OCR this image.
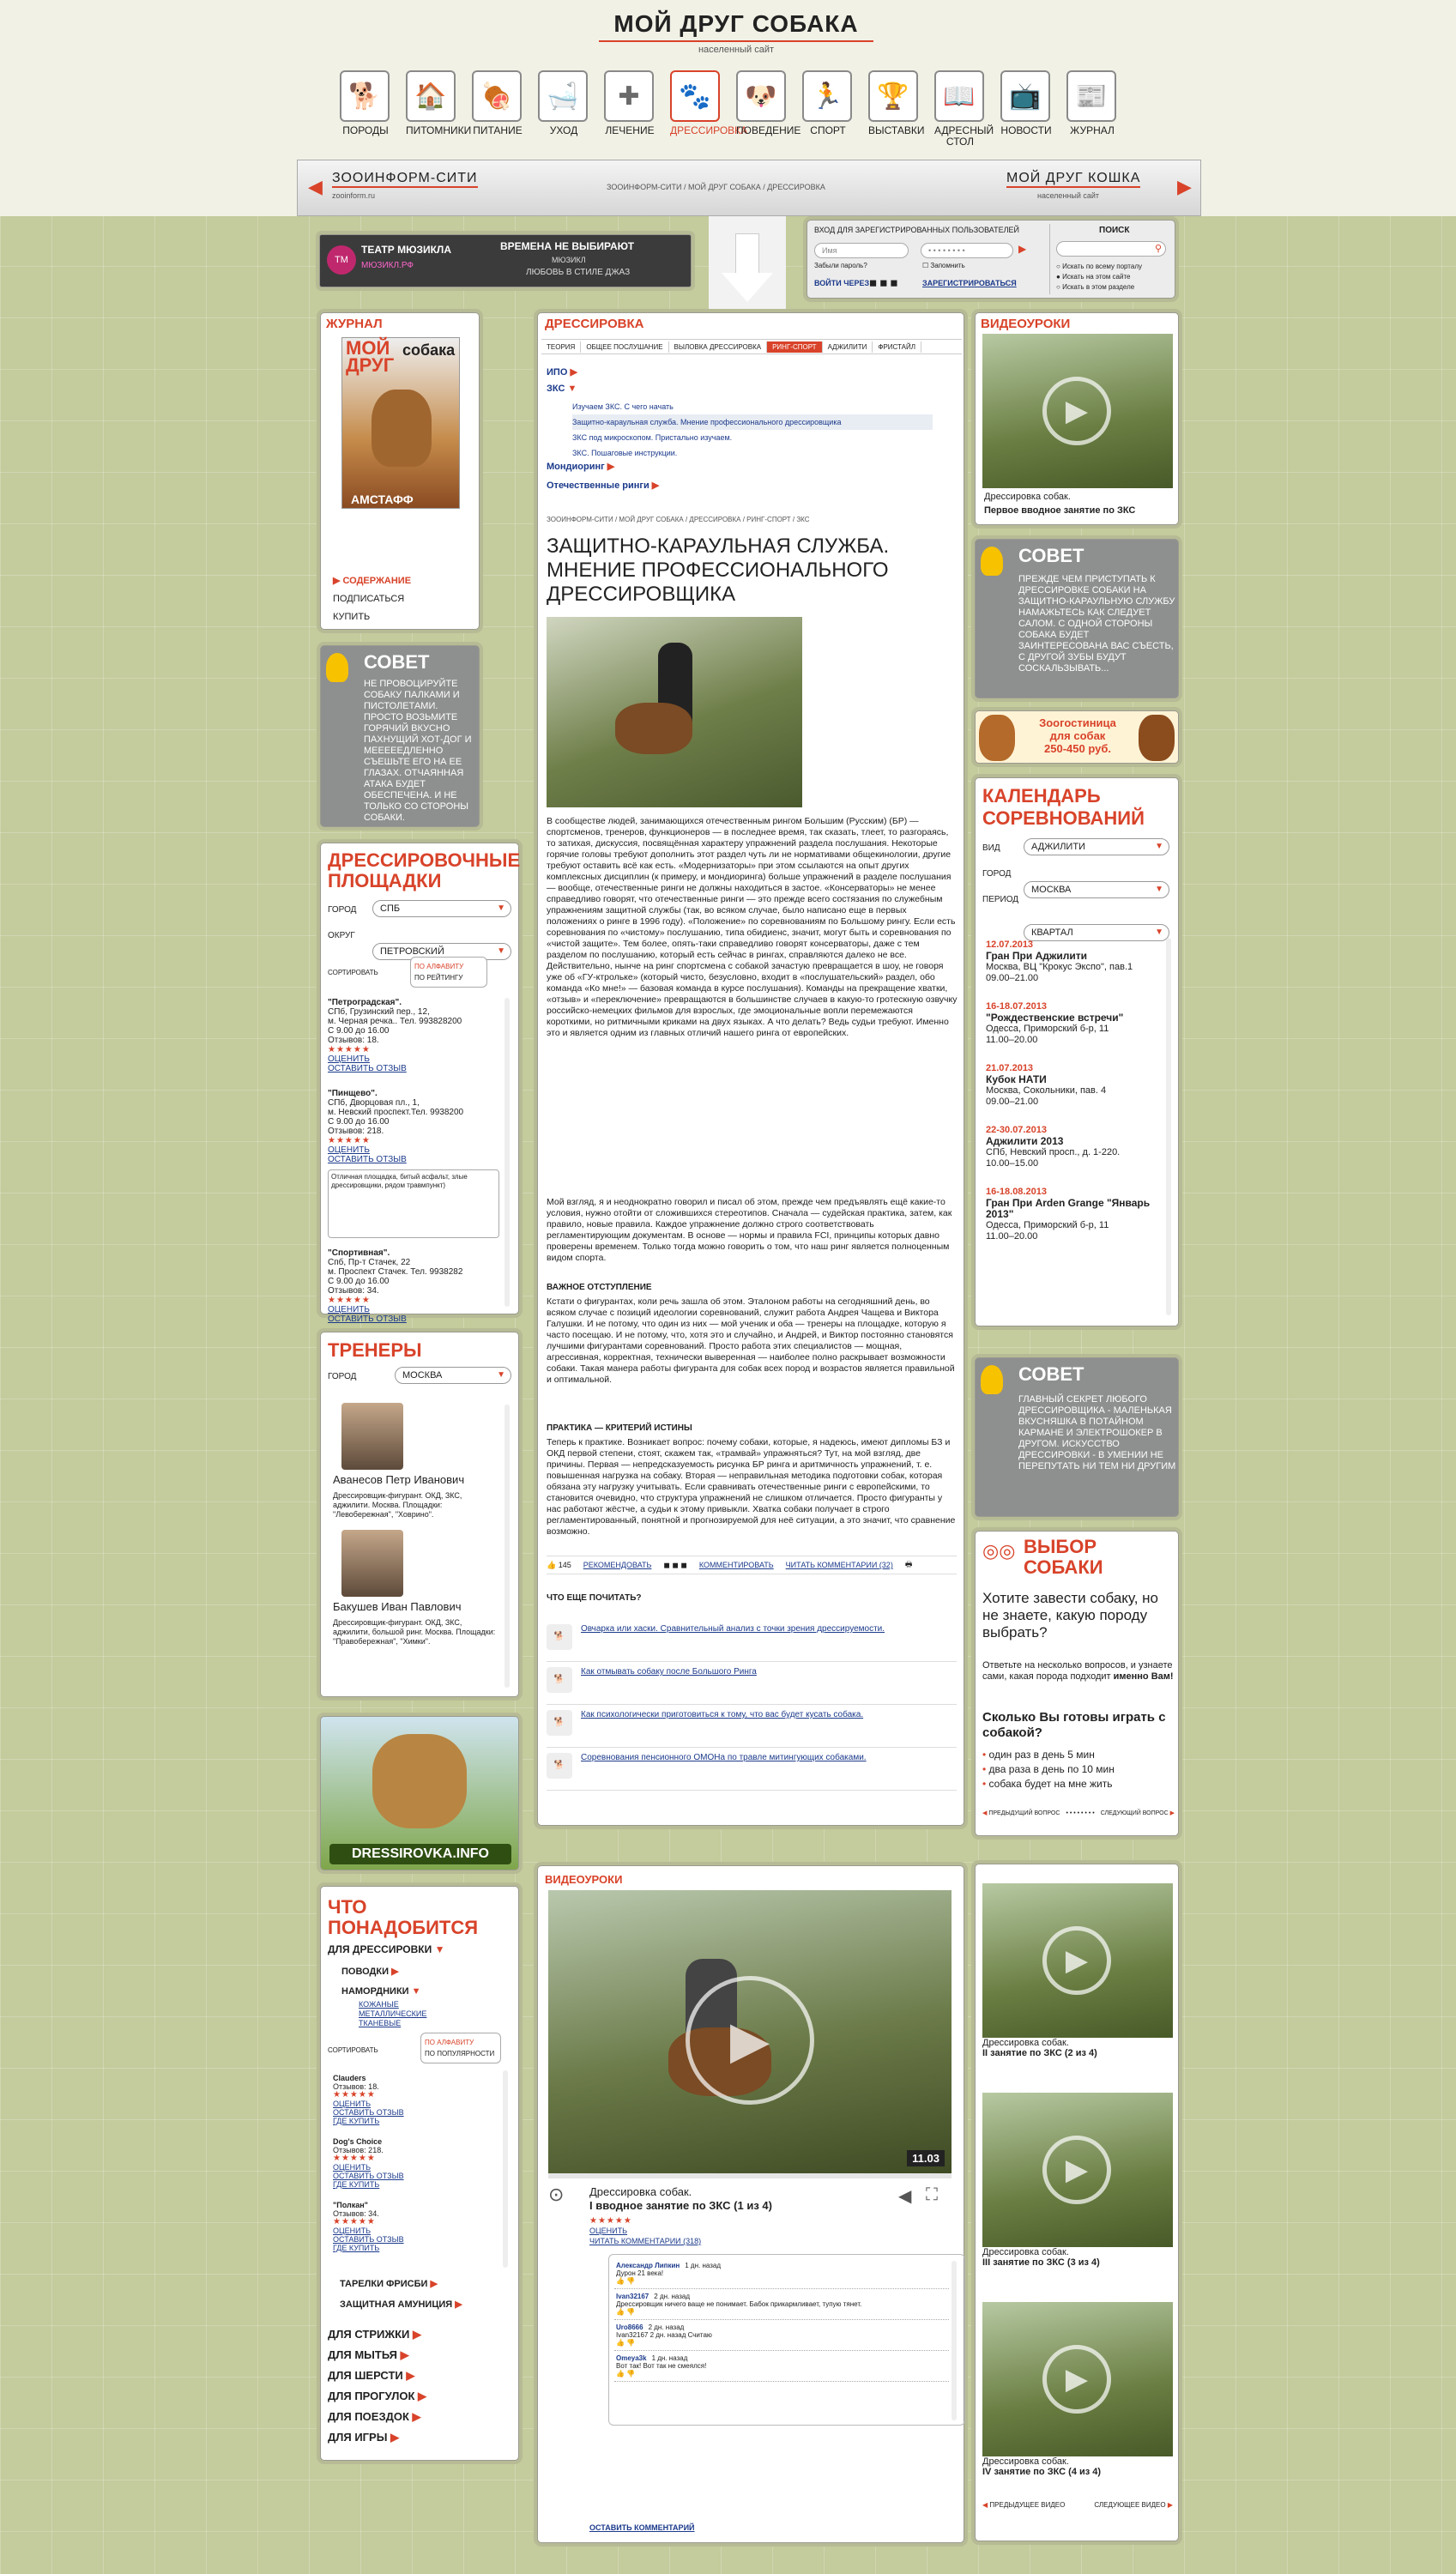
МОЙ ДРУГ СОБАКА
населенный сайт
🐕
ПОРОДЫ
🏠
ПИТОМНИКИ
🍖
ПИТАНИЕ
🛁
УХОД
✚
ЛЕЧЕНИЕ
🐾
ДРЕССИРОВКА
🐶
ПОВЕДЕНИЕ
🏃
СПОРТ
🏆
ВЫСТАВКИ
📖
АДРЕСНЫЙ СТОЛ
📺
НОВОСТИ
📰
ЖУРНАЛ
◀ ЗООИНФОРМ-СИТИ
zooinform.ru
ЗООИНФОРМ-СИТИ / МОЙ ДРУГ СОБАКА / ДРЕССИРОВКА
МОЙ ДРУГ КОШКА
населенный сайт	▶
TM
ТЕАТР МЮЗИКЛА
МЮЗИКЛ.РФ
ВРЕМЕНА НЕ ВЫБИРАЮТ
МЮЗИКЛ
ЛЮБОВЬ В СТИЛЕ ДЖАЗ
ВХОД ДЛЯ ЗАРЕГИСТРИРОВАННЫХ ПОЛЬЗОВАТЕЛЕЙ
Имя	• • • • • • • •	▶
Забыли пароль?	☐ Запомнить
ВОЙТИ ЧЕРЕЗ ◼ ◼ ◼	ЗАРЕГИСТРИРОВАТЬСЯ
ПОИСК
⚲
○ Искать по всему порталу
● Искать на этом сайте
○ Искать в этом разделе
ЖУРНАЛ
МОЙ
ДРУГ
собака
АМСТАФФ
▶ СОДЕРЖАНИЕ
ПОДПИСАТЬСЯ
КУПИТЬ
СОВЕТ
НЕ ПРОВОЦИРУЙТЕ СОБАКУ ПАЛКАМИ И ПИСТОЛЕТАМИ. ПРОСТО ВОЗЬМИТЕ ГОРЯЧИЙ ВКУСНО ПАХНУЩИЙ ХОТ-ДОГ И МЕЕЕЕЕДЛЕННО СЪЕШЬТЕ ЕГО НА ЕЕ ГЛАЗАХ. ОТЧАЯННАЯ АТАКА БУДЕТ ОБЕСПЕЧЕНА. И НЕ ТОЛЬКО СО СТОРОНЫ СОБАКИ.
ДРЕССИРОВОЧНЫЕ ПЛОЩАДКИ
ГОРОД	СПБ ▼
ОКРУГ
ПЕТРОВСКИЙ ▼
СОРТИРОВАТЬ
ПО АЛФАВИТУ
ПО РЕЙТИНГУ
"Петроградская".
СПб, Грузинский пер., 12,
м. Черная речка.. Тел. 993828200
С 9.00 до 16.00
Отзывов: 18.
★★★★★
ОЦЕНИТЬ
ОСТАВИТЬ ОТЗЫВ
"Пинщево".
СПб, Дворцовая пл., 1,
м. Невский проспект.Тел. 9938200
С 9.00 до 16.00
Отзывов: 218.
★★★★★
ОЦЕНИТЬ
ОСТАВИТЬ ОТЗЫВ
Отличная площадка, битый асфальт, злые дрессировщики, рядом травмпункт)
"Спортивная".
Спб, Пр-т Стачек, 22
м. Проспект Стачек. Тел. 9938282
С 9.00 до 16.00
Отзывов: 34.
★★★★★
ОЦЕНИТЬ
ОСТАВИТЬ ОТЗЫВ
ТРЕНЕРЫ
ГОРОД	МОСКВА ▼
Аванесов Петр Иванович
Дрессировщик-фигурант. ОКД, ЗКС, аджилити. Москва. Площадки: "Левобережная", "Ховрино".
Бакушев Иван Павлович
Дрессировщик-фигурант. ОКД, ЗКС, аджилити, большой ринг. Москва. Площадки: "Правобережная", "Химки".
DRESSIROVKA.INFO
ЧТО ПОНАДОБИТСЯ
ДЛЯ ДРЕССИРОВКИ ▼
ПОВОДКИ ▶
НАМОРДНИКИ ▼
КОЖАНЫЕ
МЕТАЛЛИЧЕСКИЕ
ТКАНЕВЫЕ
СОРТИРОВАТЬ
ПО АЛФАВИТУ
ПО ПОПУЛЯРНОСТИ
Clauders
Отзывов: 18.
★★★★★
ОЦЕНИТЬ
ОСТАВИТЬ ОТЗЫВ
ГДЕ КУПИТЬ
Dog's Choice
Отзывов: 218.
★★★★★
ОЦЕНИТЬ
ОСТАВИТЬ ОТЗЫВ
ГДЕ КУПИТЬ
"Полкан"
Отзывов: 34.
★★★★★
ОЦЕНИТЬ
ОСТАВИТЬ ОТЗЫВ
ГДЕ КУПИТЬ
ТАРЕЛКИ ФРИСБИ ▶
ЗАЩИТНАЯ АМУНИЦИЯ ▶
ДЛЯ СТРИЖКИ ▶
ДЛЯ МЫТЬЯ ▶
ДЛЯ ШЕРСТИ ▶
ДЛЯ ПРОГУЛОК ▶
ДЛЯ ПОЕЗДОК ▶
ДЛЯ ИГРЫ ▶
ДРЕССИРОВКА
ТЕОРИЯ	ОБЩЕЕ ПОСЛУШАНИЕ	ВЫЛОВКА ДРЕССИРОВКА	РИНГ-СПОРТ	АДЖИЛИТИ	ФРИСТАЙЛ
ИПО ▶
ЗКС ▼
Изучаем ЗКС. С чего начать
Защитно-караульная служба. Мнение профессионального дрессировщика
ЗКС под микроскопом. Пристально изучаем.
ЗКС. Пошаговые инструкции.
Мондиоринг ▶
Отечественные ринги ▶
ЗООИНФОРМ-СИТИ / МОЙ ДРУГ СОБАКА / ДРЕССИРОВКА / РИНГ-СПОРТ / ЗКС
ЗАЩИТНО-КАРАУЛЬНАЯ СЛУЖБА. МНЕНИЕ ПРОФЕССИОНАЛЬНОГО ДРЕССИРОВЩИКА
В сообществе людей, занимающихся отечественным рингом Большим (Русским) (БР) — спортсменов, тренеров, функционеров — в последнее время, так сказать, тлеет, то разгораясь, то затихая, дискуссия, посвящённая характеру упражнений раздела послушания. Некоторые горячие головы требуют дополнить этот раздел чуть ли не нормативами общекинологии, другие требуют оставить всё как есть. «Модернизаторы» при этом ссылаются на опыт других комплексных дисциплин (к примеру, и мондиоринга) больше упражнений в разделе послушания — вообще, отечественные ринги не должны находиться в застое. «Консерваторы» не менее справедливо говорят, что отечественные ринги — это прежде всего состязания по служебным упражнениям защитной службы (так, во всяком случае, было написано еще в первых положениях о ринге в 1996 году). «Положение» по соревнованиям по Большому рингу. Если есть соревнования по «чистому» послушанию, типа обидиенс, значит, могут быть и соревнования по «чистой защите». Тем более, опять-таки справедливо говорят консерваторы, даже с тем разделом по послушанию, который есть сейчас в рингах, справляются далеко не все. Действительно, нынче на ринг спортсмена с собакой зачастую превращается в шоу, не говоря уже об «ГУ-ктрольке» (который чисто, безусловно, входит в «послушательский» раздел, обо команда «Ко мне!» — базовая команда в курсе послушания). Команды на прекращение хватки, «отзыв» и «переключение» превращаются в большинстве случаев в какую-то гротескную озвучку российско-немецких фильмов для взрослых, где эмоциональные вопли перемежаются короткими, но ритмичными криками на двух языках. А что делать? Ведь судьи требуют. Именно это и является одним из главных отличий нашего ринга от европейских.
Мой взгляд, я и неоднократно говорил и писал об этом, прежде чем предъявлять ещё какие-то условия, нужно отойти от сложившихся стереотипов. Сначала — судейская практика, затем, как правило, новые правила. Каждое упражнение должно строго соответствовать регламентирующим документам. В основе — нормы и правила FCI, принципы которых давно проверены временем. Только тогда можно говорить о том, что наш ринг является полноценным видом спорта.
ВАЖНОЕ ОТСТУПЛЕНИЕ
Кстати о фигурантах, коли речь зашла об этом. Эталоном работы на сегодняшний день, во всяком случае с позиций идеологии соревнований, служит работа Андрея Чащева и Виктора Галушки. И не потому, что один из них — мой ученик и оба — тренеры на площадке, которую я часто посещаю. И не потому, что, хотя это и случайно, и Андрей, и Виктор постоянно становятся лучшими фигурантами соревнований. Просто работа этих специалистов — мощная, агрессивная, корректная, технически выверенная — наиболее полно раскрывает возможности собаки. Такая манера работы фигуранта для собак всех пород и возрастов является правильной и оптимальной.
ПРАКТИКА — КРИТЕРИЙ ИСТИНЫ
Теперь к практике. Возникает вопрос: почему собаки, которые, я надеюсь, имеют дипломы БЗ и ОКД первой степени, стоят, скажем так, «трамвай» упражняться? Тут, на мой взгляд, две причины. Первая — непредсказуемость рисунка БР ринга и аритмичность упражнений, т. е. повышенная нагрузка на собаку. Вторая — неправильная методика подготовки собак, которая обязана эту нагрузку учитывать. Если сравнивать отечественные ринги с европейскими, то становится очевидно, что структура упражнений не слишком отличается. Просто фигуранты у нас работают жёстче, а судьи к этому привыкли. Хватка собаки получает в строго регламентированный, понятной и прогнозируемой для неё ситуации, а это значит, что сравнение возможно.
👍 145 РЕКОМЕНДОВАТЬ ◼ ◼ ◼ КОММЕНТИРОВАТЬ ЧИТАТЬ КОММЕНТАРИИ (32) 🖶
ЧТО ЕЩЕ ПОЧИТАТЬ?
🐕
Овчарка или хаски. Сравнительный анализ с точки зрения дрессируемости.
🐕
Как отмывать собаку после Большого Ринга
🐕
Как психологически приготовиться к тому, что вас будет кусать собака.
🐕
Соревнования пенсионного ОМОНа по травле митингующих собаками.
ВИДЕОУРОКИ
▶
11.03
⊙ Дрессировка собак.
I вводное занятие по ЗКС (1 из 4)	◀ ⛶
★★★★★
ОЦЕНИТЬ
ЧИТАТЬ КОММЕНТАРИИ (318)
Александр Липкин 1 дн. назад
Дурон 21 века!
👍 👎
Ivan32167 2 дн. назад
Дрессировщик ничего ваще не понимает. Бабок прикармливает, тупую тянет.
👍 👎
Uro8666 2 дн. назад
Ivan32167 2 дн. назад Считаю
👍 👎
Omeya3k 1 дн. назад
Вот так! Вот так не смеялся!
👍 👎
ОСТАВИТЬ КОММЕНТАРИЙ
ВИДЕОУРОКИ
▶
Дрессировка собак.
Первое вводное занятие по ЗКС
СОВЕТ
ПРЕЖДЕ ЧЕМ ПРИСТУПАТЬ К ДРЕССИРОВКЕ СОБАКИ НА ЗАЩИТНО-КАРАУЛЬНУЮ СЛУЖБУ НАМАЖЬТЕСЬ КАК СЛЕДУЕТ САЛОМ. С ОДНОЙ СТОРОНЫ СОБАКА БУДЕТ ЗАИНТЕРЕСОВАНА ВАС СЪЕСТЬ, С ДРУГОЙ ЗУБЫ БУДУТ СОСКАЛЬЗЫВАТЬ...
Зоогостиница
для собак
250-450 руб.
КАЛЕНДАРЬ СОРЕВНОВАНИЙ
ВИД	АДЖИЛИТИ ▼
ГОРОД
МОСКВА ▼
ПЕРИОД
КВАРТАЛ ▼
12.07.2013
Гран При Аджилити
Москва, ВЦ "Крокус Экспо", пав.1
09.00–21.00
16-18.07.2013
"Рождественские встречи"
Одесса, Приморский б-р, 11
11.00–20.00
21.07.2013
Кубок НАТИ
Москва, Сокольники, пав. 4
09.00–21.00
22-30.07.2013
Аджилити 2013
СПб, Невский просп., д. 1-220.
10.00–15.00
16-18.08.2013
Гран При Arden Grange "Январь 2013"
Одесса, Приморский б-р, 11
11.00–20.00
СОВЕТ
ГЛАВНЫЙ СЕКРЕТ ЛЮБОГО ДРЕССИРОВЩИКА - МАЛЕНЬКАЯ ВКУСНЯШКА В ПОТАЙНОМ КАРМАНЕ И ЭЛЕКТРОШОКЕР В ДРУГОМ. ИСКУССТВО ДРЕССИРОВКИ - В УМЕНИИ НЕ ПЕРЕПУТАТЬ НИ ТЕМ НИ ДРУГИМ
◎◎ ВЫБОР СОБАКИ
Хотите завести собаку, но не знаете, какую породу выбрать?
Ответьте на несколько вопросов, и узнаете сами, какая порода подходит именно Вам!
Сколько Вы готовы играть с собакой?
• один раз в день 5 мин
• два раза в день по 10 мин
• собака будет на мне жить
◀ ПРЕДЫДУЩИЙ ВОПРОС • • • • • • • • СЛЕДУЮЩИЙ ВОПРОС ▶
▶
Дрессировка собак.
II занятие по ЗКС (2 из 4)
▶
Дрессировка собак.
III занятие по ЗКС (3 из 4)
▶
Дрессировка собак.
IV занятие по ЗКС (4 из 4)
◀ ПРЕДЫДУЩЕЕ ВИДЕО	СЛЕДУЮЩЕЕ ВИДЕО ▶
